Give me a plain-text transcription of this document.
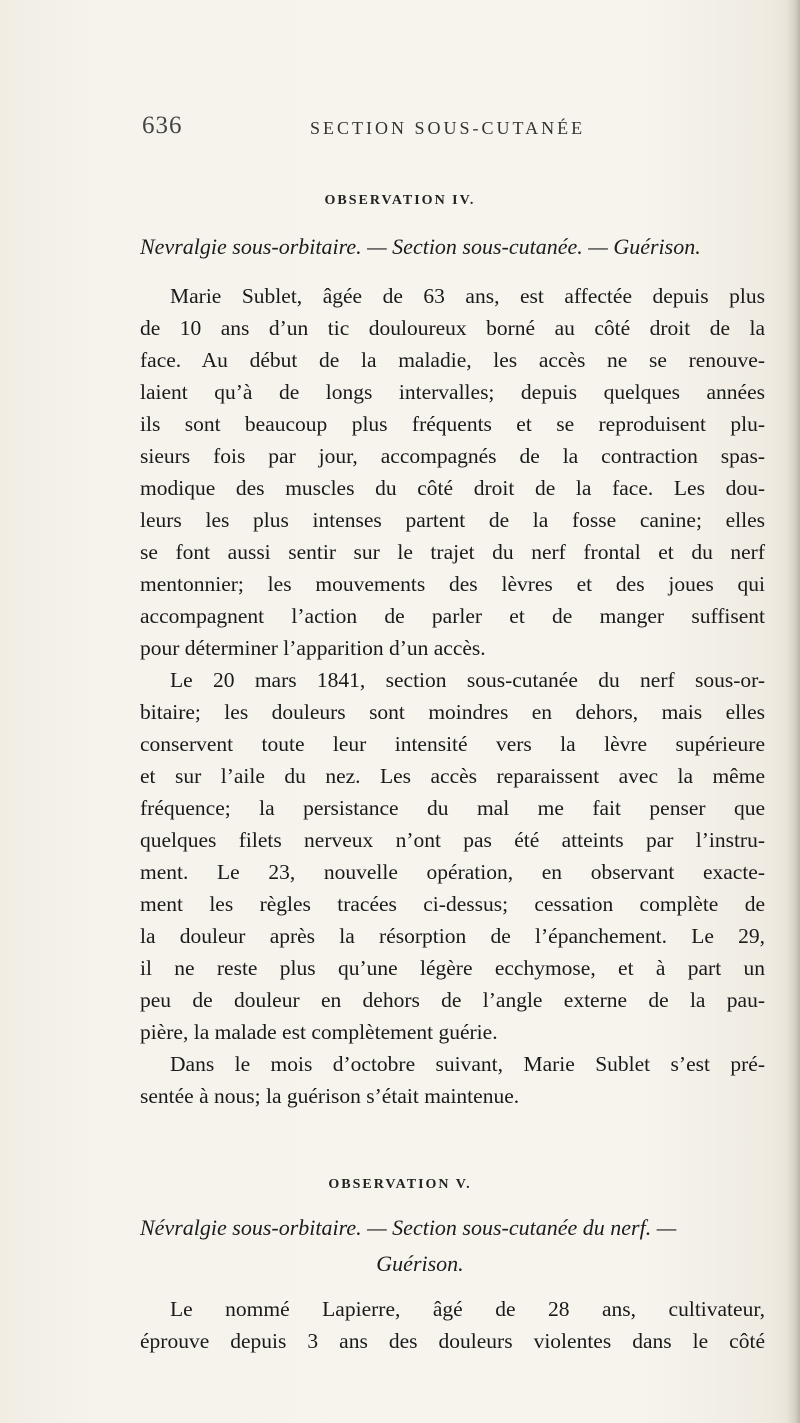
636	SECTION SOUS-CUTANÉE
OBSERVATION IV.
Nevralgie sous-orbitaire. — Section sous-cutanée. — Guérison.
Marie Sublet, âgée de 63 ans, est affectée depuis plus
de 10 ans d’un tic douloureux borné au côté droit de la
face. Au début de la maladie, les accès ne se renouve-
laient qu’à de longs intervalles; depuis quelques années
ils sont beaucoup plus fréquents et se reproduisent plu-
sieurs fois par jour, accompagnés de la contraction spas-
modique des muscles du côté droit de la face. Les dou-
leurs les plus intenses partent de la fosse canine; elles
se font aussi sentir sur le trajet du nerf frontal et du nerf
mentonnier; les mouvements des lèvres et des joues qui
accompagnent l’action de parler et de manger suffisent
pour déterminer l’apparition d’un accès.
Le 20 mars 1841, section sous-cutanée du nerf sous-or-
bitaire; les douleurs sont moindres en dehors, mais elles
conservent toute leur intensité vers la lèvre supérieure
et sur l’aile du nez. Les accès reparaissent avec la même
fréquence; la persistance du mal me fait penser que
quelques filets nerveux n’ont pas été atteints par l’instru-
ment. Le 23, nouvelle opération, en observant exacte-
ment les règles tracées ci-dessus; cessation complète de
la douleur après la résorption de l’épanchement. Le 29,
il ne reste plus qu’une légère ecchymose, et à part un
peu de douleur en dehors de l’angle externe de la pau-
pière, la malade est complètement guérie.
Dans le mois d’octobre suivant, Marie Sublet s’est pré-
sentée à nous; la guérison s’était maintenue.
OBSERVATION V.
Névralgie sous-orbitaire. — Section sous-cutanée du nerf. —
Guérison.
Le nommé Lapierre, âgé de 28 ans, cultivateur,
éprouve depuis 3 ans des douleurs violentes dans le côté
